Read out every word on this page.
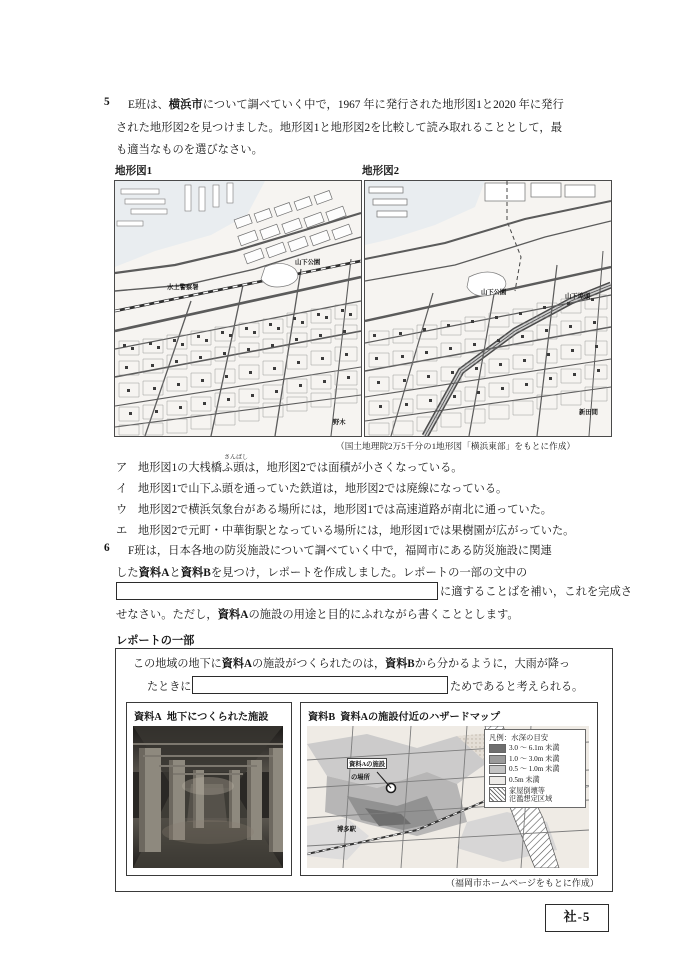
5 E班は、横浜市について調べていく中で，1967 年に発行された地形図1と2020 年に発行
された地形図2を見つけました。地形図1と地形図2を比較して読み取れることとして，最
も適当なものを選びなさい。
地形図1	地形図2
山下公園
水上警察署
野木
山下公園
山下埠頭
新田間
（国土地理院2万5千分の1地形図「横浜東部」をもとに作成）
ア 地形図1の大桟橋ふ頭は，地形図2では面積が小さくなっている。
さんばし
イ 地形図1で山下ふ頭を通っていた鉄道は，地形図2では廃線になっている。
ウ 地形図2で横浜気象台がある場所には，地形図1では高速道路が南北に通っていた。
エ 地形図2で元町・中華街駅となっている場所には，地形図1では果樹園が広がっていた。
6 F班は，日本各地の防災施設について調べていく中で，福岡市にある防災施設に関連
した資料Aと資料Bを見つけ，レポートを作成しました。レポートの一部の文中の
に適することばを補い，これを完成さ
せなさい。ただし，資料Aの施設の用途と目的にふれながら書くこととします。
レポートの一部
この地域の地下に資料Aの施設がつくられたのは，資料Bから分かるように，大雨が降っ
たときに	ためであると考えられる。
資料A 地下につくられた施設	資料B 資料Aの施設付近のハザードマップ
資料Aの施設
の場所
博多駅
凡例：水深の目安
3.0 ～ 6.1m 未満
1.0 ～ 3.0m 未満
0.5 ～ 1.0m 未満
0.5m 未満
家屋倒壊等
氾濫想定区域
（福岡市ホームページをもとに作成）
社-5
